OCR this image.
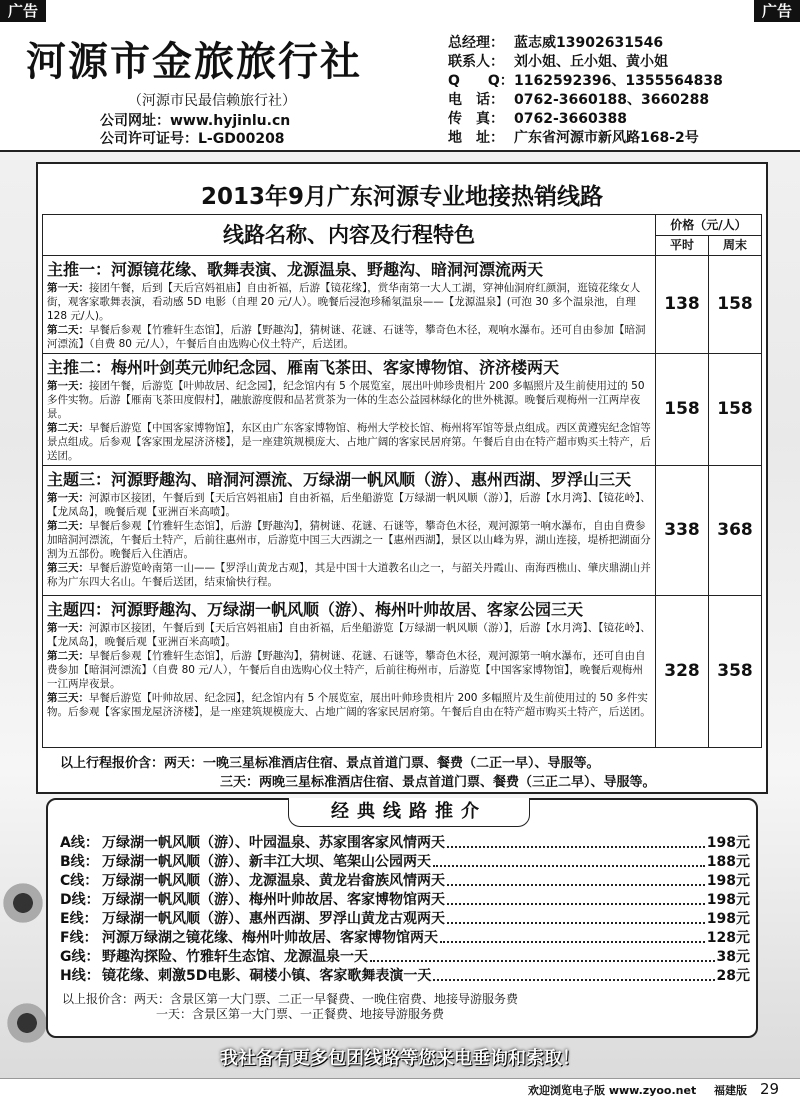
河源市金旅旅行社
（河源市民最信赖旅行社）
公司网址：www.hyjinlu.cn
公司许可证号：L-GD00208
总经理： 蓝志威13902631546
联系人： 刘小姐、丘小姐、黄小姐
Q　　Q：1162592396、1355564838
电　话： 0762-3660188、3660288
传　真： 0762-3660388
地　址： 广东省河源市新风路168-2号
广告	广告
2013年9月广东河源专业地接热销线路
线路名称、内容及行程特色	价格（元/人）
平时	周末
主推一：河源镜花缘、歌舞表演、龙源温泉、野趣沟、暗洞河漂流两天
第一天：接团午餐，后到【天后宫妈祖庙】自由祈福，后游【镜花缘】，赏华南第一大人工湖，穿神仙洞府红颜洞，逛镜花缘女人街，观客家歌舞表演，看动感 5D 电影（自理 20 元/人）。晚餐后浸泡珍稀氡温泉——【龙源温泉】(可泡 30 多个温泉池，自理 128 元/人)。
第二天：早餐后参观【竹雅轩生态馆】，后游【野趣沟】，猜树谜、花谜、石谜等，攀奇色木径，观响水瀑布。还可自由参加【暗洞河漂流】（自费 80 元/人），午餐后自由选购心仪土特产，后送团。
138	158
主推二：梅州叶剑英元帅纪念园、雁南飞茶田、客家博物馆、济济楼两天
第一天：接团午餐，后游览【叶帅故居、纪念园】，纪念馆内有 5 个展览室，展出叶帅珍贵相片 200 多幅照片及生前使用过的 50 多件实物。后游【雁南飞茶田度假村】，融旅游度假和品茗赏茶为一体的生态公益园林绿化的世外桃源。晚餐后观梅州一江两岸夜景。
第二天：早餐后游览【中国客家博物馆】，东区由广东客家博物馆、梅州大学校长馆、梅州将军馆等景点组成。西区黄遵宪纪念馆等景点组成。后参观【客家围龙屋济济楼】，是一座建筑规模庞大、占地广阔的客家民居府第。午餐后自由在特产超市购买土特产，后送团。
158	158
主题三：河源野趣沟、暗洞河漂流、万绿湖一帆风顺（游）、惠州西湖、罗浮山三天
第一天：河源市区接团，午餐后到【天后宫妈祖庙】自由祈福，后坐船游览【万绿湖一帆风顺（游）】，后游【水月湾】、【镜花岭】、【龙凤岛】，晚餐后观【亚洲百米高喷】。
第二天：早餐后参观【竹雅轩生态馆】，后游【野趣沟】，猜树谜、花谜、石谜等，攀奇色木径，观河源第一响水瀑布，自由自费参加暗洞河漂流，午餐后土特产，后前往惠州市，后游览中国三大西湖之一【惠州西湖】，景区以山峰为界，湖山连接，堤桥把湖面分割为五部份。晚餐后入住酒店。
第三天：早餐后游览岭南第一山——【罗浮山黄龙古观】，其是中国十大道教名山之一，与韶关丹霞山、南海西樵山、肇庆鼎湖山并称为广东四大名山。午餐后送团，结束愉快行程。
338	368
主题四：河源野趣沟、万绿湖一帆风顺（游）、梅州叶帅故居、客家公园三天
第一天：河源市区接团，午餐后到【天后宫妈祖庙】自由祈福，后坐船游览【万绿湖一帆风顺（游）】，后游【水月湾】、【镜花岭】、【龙凤岛】，晚餐后观【亚洲百米高喷】。
第二天：早餐后参观【竹雅轩生态馆】，后游【野趣沟】，猜树谜、花谜、石谜等，攀奇色木径，观河源第一响水瀑布，还可自由自费参加【暗洞河漂流】（自费 80 元/人），午餐后自由选购心仪土特产，后前往梅州市，后游览【中国客家博物馆】，晚餐后观梅州一江两岸夜景。
第三天：早餐后游览【叶帅故居、纪念园】，纪念馆内有 5 个展览室，展出叶帅珍贵相片 200 多幅照片及生前使用过的 50 多件实物。后参观【客家围龙屋济济楼】，是一座建筑规模庞大、占地广阔的客家民居府第。午餐后自由在特产超市购买土特产，后送团。
328	358
以上行程报价含：两天：一晚三星标准酒店住宿、景点首道门票、餐费（二正一早）、导服等。
三天：两晚三星标准酒店住宿、景点首道门票、餐费（三正二早）、导服等。
经典线路推介
A线： 万绿湖一帆风顺（游）、叶园温泉、苏家围客家风情两天	198元
B线： 万绿湖一帆风顺（游）、新丰江大坝、笔架山公园两天	188元
C线： 万绿湖一帆风顺（游）、龙源温泉、黄龙岩畲族风情两天	198元
D线： 万绿湖一帆风顺（游）、梅州叶帅故居、客家博物馆两天	198元
E线： 万绿湖一帆风顺（游）、惠州西湖、罗浮山黄龙古观两天	198元
F线： 河源万绿湖之镜花缘、梅州叶帅故居、客家博物馆两天	128元
G线： 野趣沟探险、竹雅轩生态馆、龙源温泉一天	38元
H线： 镜花缘、刺激5D电影、硐楼小镇、客家歌舞表演一天	28元
以上报价含：两天：含景区第一大门票、二正一早餐费、一晚住宿费、地接导游服务费
一天：含景区第一大门票、一正餐费、地接导游服务费
我社备有更多包团线路等您来电垂询和索取！
欢迎浏览电子版 www.zyoo.net 福建版 29
